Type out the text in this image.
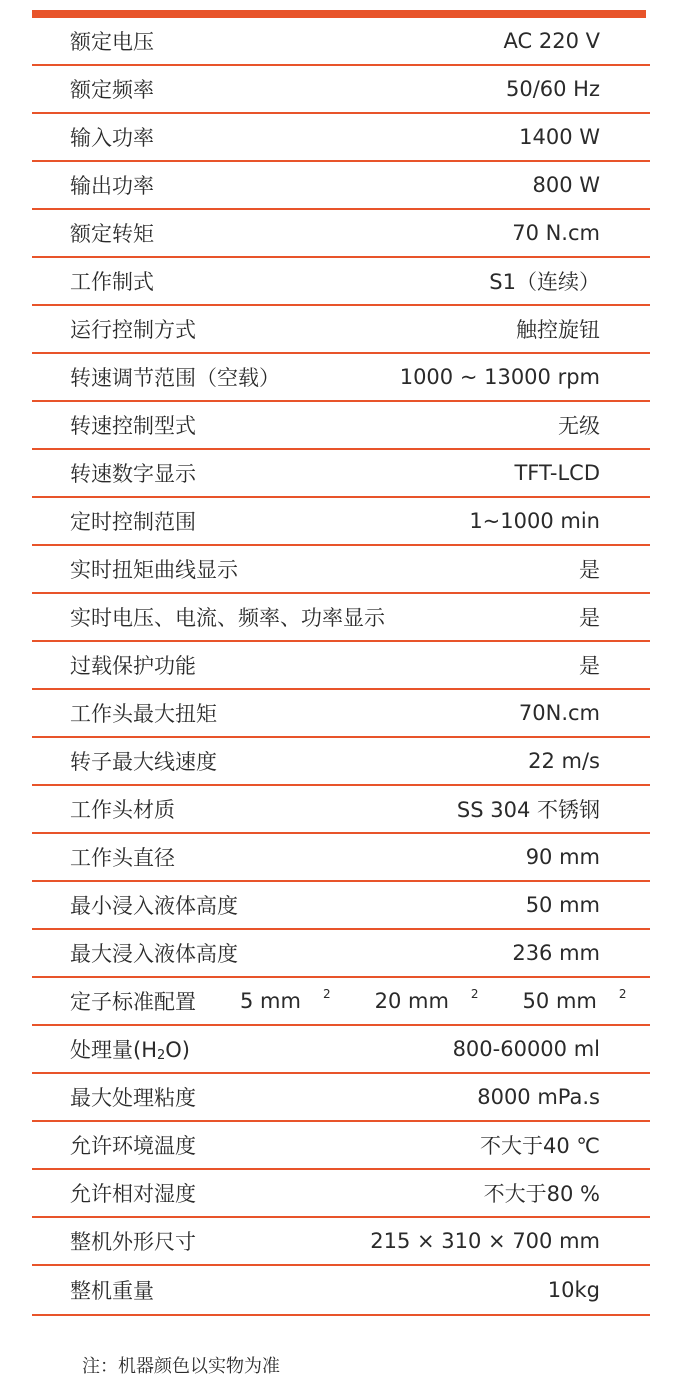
额定电压	AC 220 V
额定频率	50/60 Hz
输入功率	1400 W
输出功率	800 W
额定转矩	70 N.cm
工作制式	S1（连续）
运行控制方式	触控旋钮
转速调节范围（空载）	1000 ~ 13000 rpm
转速控制型式	无级
转速数字显示	TFT-LCD
定时控制范围	1~1000 min
实时扭矩曲线显示	是
实时电压、电流、频率、功率显示	是
过载保护功能	是
工作头最大扭矩	70N.cm
转子最大线速度	22 m/s
工作头材质	SS 304 不锈钢
工作头直径	90 mm
最小浸入液体高度	50 mm
最大浸入液体高度	236 mm
定子标准配置	5 mm $^2$ 20 mm $^2$ 50 mm $^2$
处理量(H2O)	800-60000 ml
最大处理粘度	8000 mPa.s
允许环境温度	不大于40 ℃
允许相对湿度	不大于80 %
整机外形尺寸	215 × 310 × 700 mm
整机重量	10kg
注：机器颜色以实物为准
